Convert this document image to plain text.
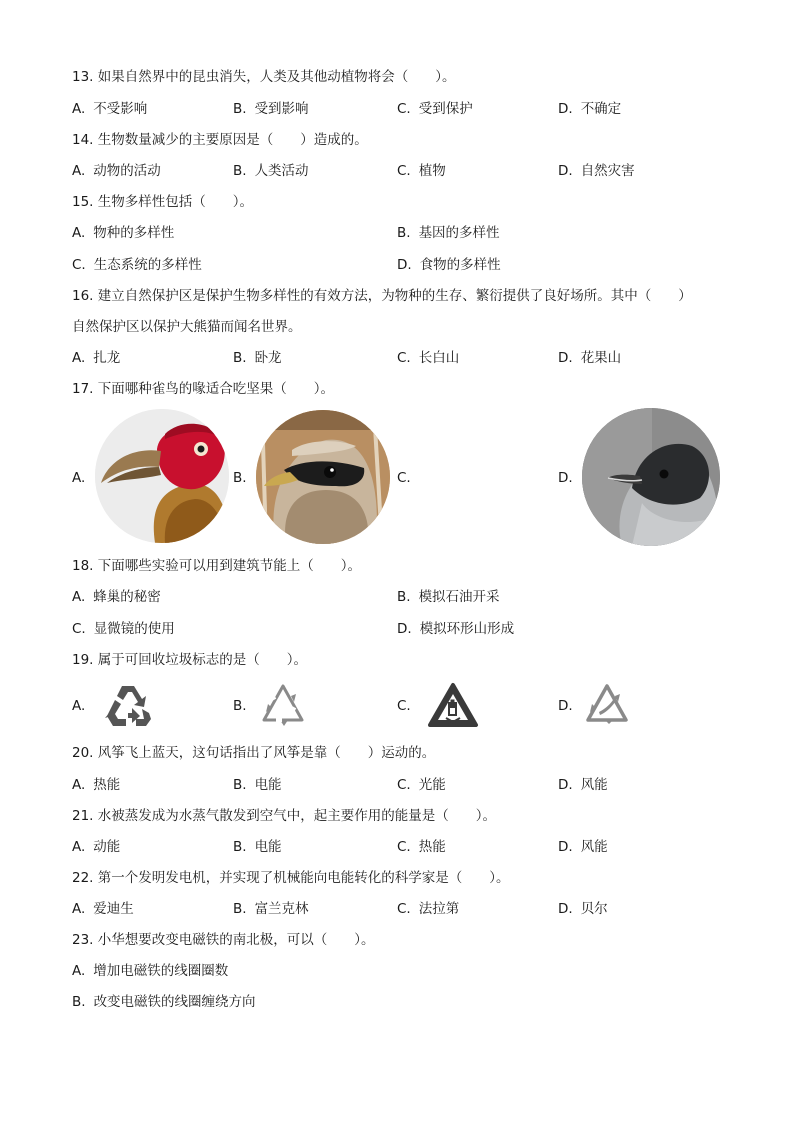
13. 如果自然界中的昆虫消失，人类及其他动植物将会（　　）。
A. 不受影响	B. 受到影响	C. 受到保护	D. 不确定
14. 生物数量减少的主要原因是（　　）造成的。
A. 动物的活动	B. 人类活动	C. 植物	D. 自然灾害
15. 生物多样性包括（　　）。
A. 物种的多样性	B. 基因的多样性
C. 生态系统的多样性	D. 食物的多样性
16. 建立自然保护区是保护生物多样性的有效方法，为物种的生存、繁衍提供了良好场所。其中（　　）
自然保护区以保护大熊猫而闻名世界。
A. 扎龙	B. 卧龙	C. 长白山	D. 花果山
17. 下面哪种雀鸟的喙适合吃坚果（　　）。
A.	B.	C.	D.
18. 下面哪些实验可以用到建筑节能上（　　）。
A. 蜂巢的秘密	B. 模拟石油开采
C. 显微镜的使用	D. 模拟环形山形成
19. 属于可回收垃圾标志的是（　　）。
A.	B.	C.	D.
20. 风筝飞上蓝天，这句话指出了风筝是靠（　　）运动的。
A. 热能	B. 电能	C. 光能	D. 风能
21. 水被蒸发成为水蒸气散发到空气中，起主要作用的能量是（　　）。
A. 动能	B. 电能	C. 热能	D. 风能
22. 第一个发明发电机，并实现了机械能向电能转化的科学家是（　　）。
A. 爱迪生	B. 富兰克林	C. 法拉第	D. 贝尔
23. 小华想要改变电磁铁的南北极，可以（　　）。
A. 增加电磁铁的线圈圈数
B. 改变电磁铁的线圈缠绕方向
